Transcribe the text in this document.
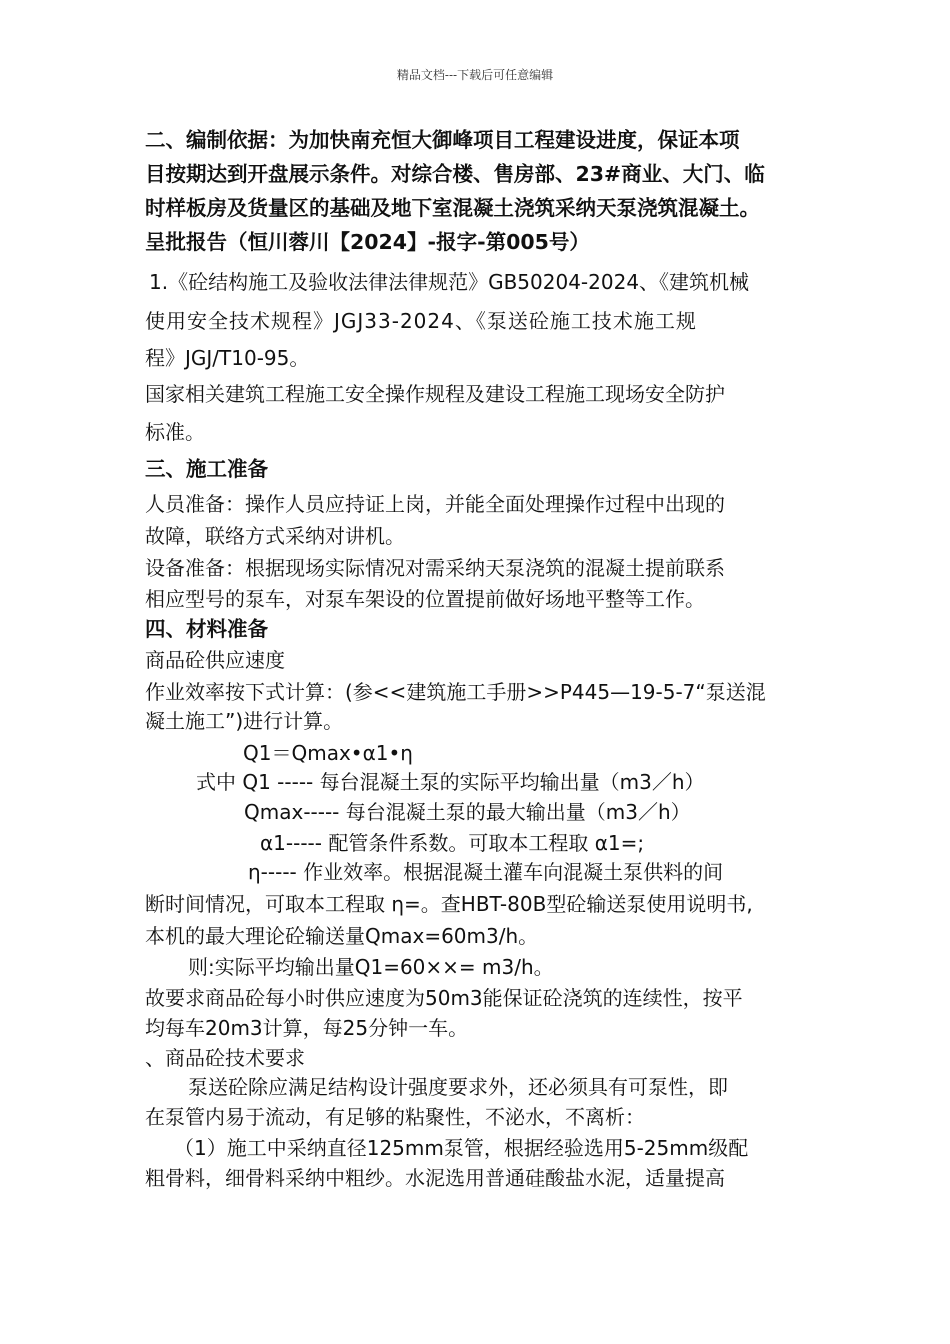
精品文档---下载后可任意编辑
二、编制依据：为加快南充恒大御峰项目工程建设进度，保证本项
目按期达到开盘展示条件。对综合楼、售房部、23#商业、大门、临
时样板房及货量区的基础及地下室混凝土浇筑采纳天泵浇筑混凝土。
呈批报告（恒川蓉川【2024】-报字-第005号）
1.《砼结构施工及验收法律法律规范》GB50204-2024、《建筑机械
使用安全技术规程》JGJ33-2024、《泵送砼施工技术施工规
程》JGJ/T10-95。
国家相关建筑工程施工安全操作规程及建设工程施工现场安全防护
标准。
三、施工准备
人员准备：操作人员应持证上岗，并能全面处理操作过程中出现的
故障，联络方式采纳对讲机。
设备准备：根据现场实际情况对需采纳天泵浇筑的混凝土提前联系
相应型号的泵车，对泵车架设的位置提前做好场地平整等工作。
四、材料准备
商品砼供应速度
作业效率按下式计算：(参<<建筑施工手册>>P445—19-5-7“泵送混
凝土施工”)进行计算。
Q1＝Qmax•α1•η
式中 Q1 ----- 每台混凝土泵的实际平均输出量（m3／h）
Qmax----- 每台混凝土泵的最大输出量（m3／h）
α1----- 配管条件系数。可取本工程取 α1=;
η----- 作业效率。根据混凝土灌车向混凝土泵供料的间
断时间情况，可取本工程取 η=。查HBT-80B型砼输送泵使用说明书,
本机的最大理论砼输送量Qmax=60m3/h。
则:实际平均输出量Q1=60××= m3/h。
故要求商品砼每小时供应速度为50m3能保证砼浇筑的连续性，按平
均每车20m3计算，每25分钟一车。
、商品砼技术要求
泵送砼除应满足结构设计强度要求外，还必须具有可泵性，即
在泵管内易于流动，有足够的粘聚性，不泌水，不离析：
（1）施工中采纳直径125mm泵管，根据经验选用5-25mm级配
粗骨料，细骨料采纳中粗纱。水泥选用普通硅酸盐水泥，适量提高
